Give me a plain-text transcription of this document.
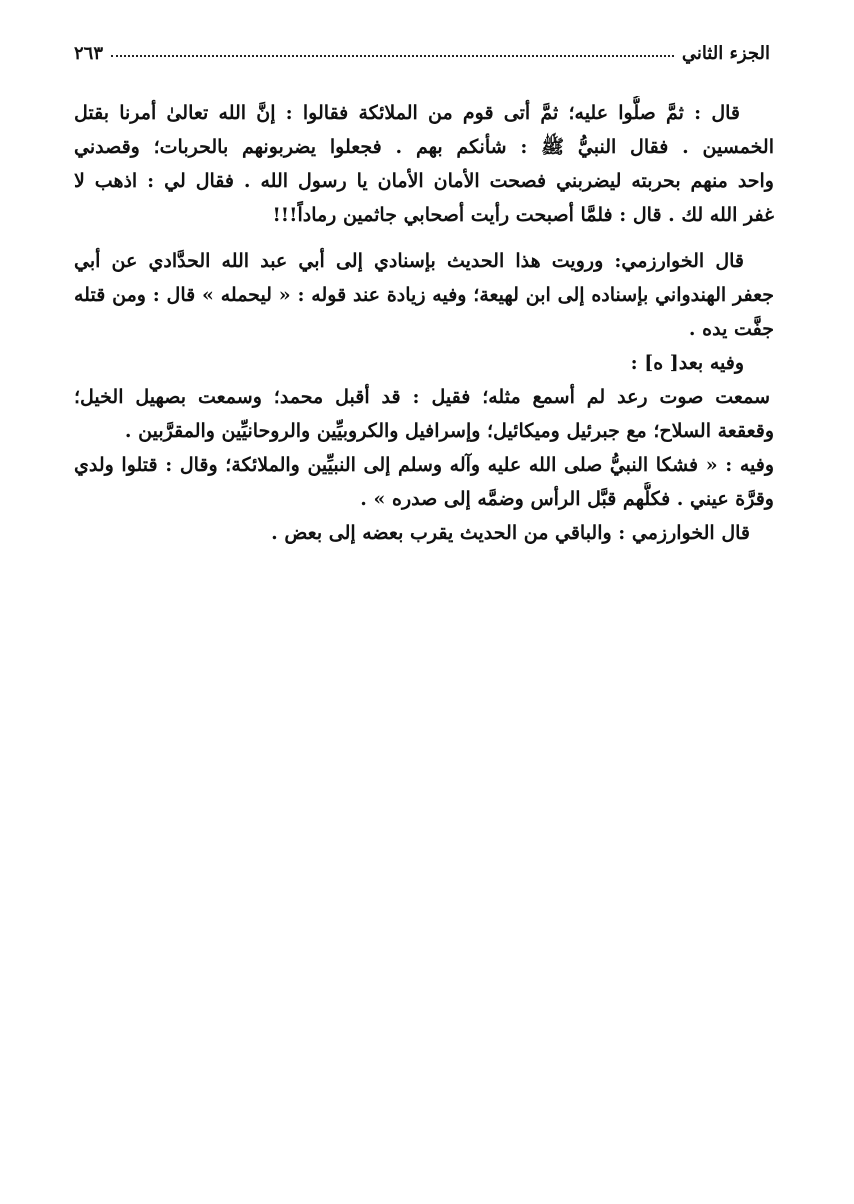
الجزء الثاني
٢٦٣
قال : ثمَّ صلُّوا عليه؛ ثمَّ أتى قوم من الملائكة فقالوا : إنَّ الله تعالىٰ أمرنا بقتل
الخمسين . فقال النبيُّ ﷺ : شأنكم بهم . فجعلوا يضربونهم بالحربات؛ وقصدني
واحد منهم بحربته ليضربني فصحت الأمان الأمان يا رسول الله . فقال لي : اذهب لا
غفر الله لك . قال : فلمَّا أصبحت رأيت أصحابي جاثمين رماداً!!!
قال الخوارزمي: ورويت هذا الحديث بإسنادي إلى أبي عبد الله الحدَّادي عن أبي
جعفر الهندواني بإسناده إلى ابن لهيعة؛ وفيه زيادة عند قوله : « ليحمله » قال : ومن قتله
جفَّت يده .
وفيه بعد[ ه] :
سمعت صوت رعد لم أسمع مثله؛ فقيل : قد أقبل محمد؛ وسمعت بصهيل الخيل؛
وقعقعة السلاح؛ مع جبرئيل وميكائيل؛ وإسرافيل والكروبيِّين والروحانيِّين والمقرَّبين .
وفيه : « فشكا النبيُّ صلى الله عليه وآله وسلم إلى النبيِّين والملائكة؛ وقال : قتلوا ولدي
وقرَّة عيني . فكلُّهم قبَّل الرأس وضمَّه إلى صدره » .
قال الخوارزمي : والباقي من الحديث يقرب بعضه إلى بعض .
